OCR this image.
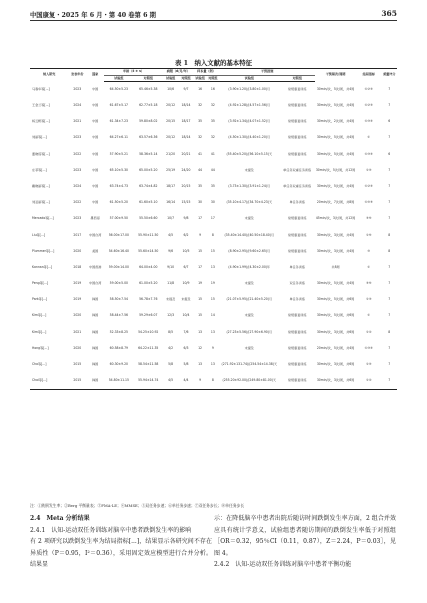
中国康复・2025 年 6 月・第 40 卷第 6 期	365
表 1　纳入文献的基本特征
纳入研究	发表年份	国家	年龄（x̄ ± s）		病程（d/月/年）		样本量（例）		干预措施		干预频次/周期	结局指标	质量评分
			试验组	对照组	试验组	对照组	试验组	对照组	试验组	对照组			
马春华等[...]	2023	中国	64.50±5.23	65.46±5.38	10/6	9/7	16	16	(3.90±1.20)/(3.80±1.00)月	常规康复训练	30min/次，5次/周，共4周	①②③	7
王金兰等[...]	2024	中国	61.67±5.17	62.77±5.18	20/12	18/14	32	32	(4.92±1.28)/(4.57±1.56)月	常规康复训练	30min/次，5次/周，共4周	①②③	7
杨云帆等[...]	2021	中国	61.34±7.23	59.80±8.02	20/15	18/17	35	35	(3.92±1.34)/(4.07±1.52)月	常规康复训练	30min/次，2次/周，共4周	①③④	6
刘丽等[...]	2023	中国	64.27±6.11	63.57±6.36	20/12	18/14	32	32	(4.50±1.30)/(4.40±1.20)月	常规康复训练	30min/次，5次/周，共4周	①	7
董晓琼等[...]	2022	中国	57.90±5.21	58.36±5.14	21/20	20/21	41	41	(55.40±5.20)/(56.10±5.15)天	常规康复训练	30min/次，5次/周，共4周	①③④	6
庄菲等[...]	2023	中国	65.10±5.30	65.00±5.20	25/19	24/20	44	44	未提及	单任务双重任务训练	30min/次，5次/周，共12周	①④	7
戴晓丽等[...]	2024	中国	63.74±4.73	63.74±4.82	18/17	20/15	35	35	(3.73±1.30)/(3.91±1.24)月	单任务双重任务训练	30min/次，5次/周，共4周	①②④	7
刘亚丽等[...]	2022	中国	61.50±5.20	61.60±5.10	16/14	15/15	30	30	(35.10±4.17)/(34.70±4.23)天	单任务训练	20min/次，7次/周，共8周	①④⑤	7
Mercado等[...]	2023	墨西哥	57.00±9.50	55.50±6.60	10/7	9/8	17	17	未提及	常规康复训练	45min/次，3次/周，共12周	③⑤	7
Liu等[...]	2017	中国台湾	56.00±17.00	55.90±11.50	4/5	6/2	9	8	(35.40±14.40)/(40.50±18.40)月	常规康复训练	30min/次，3次/周，共4周	①⑤	8
Plummer等[...]	2020	美国	54.60±16.40	55.60±14.50	9/6	10/5	15	15	(8.90±2.95)/(9.60±2.65)月	常规康复训练	30min/次，3次/周，共4周	④	8
Kannan等[...]	2018	中国香港	59.00±14.00	64.00±4.00	9/10	6/7	17	13	(4.90±1.99)/(4.30±2.00)年	单任务训练	共8周	①	7
Peng等[...]	2019	中国台湾	59.00±5.00	61.00±5.20	11/8	10/9	19	19	未提及	双任务训练	30min/次，5次/周，共4周	③⑤	7
Park等[...]	2019	韩国	58.50±7.54	56.78±7.76	未提及	未提及	15	15	(21.07±5.95)/(21.40±5.20)月	单任务训练	30min/次，5次/周，共6周	①③	7
Kim等[...]	2020	韩国	58.44±7.56	59.29±6.07	12/3	10/4	15	14	未提及	常规康复训练	30min/次，5次/周，共6周	①	7
Kim等[...]	2021	韩国	52.33±8.25	54.25±10.92	8/5	7/6	13	13	(27.23±5.56)/(27.90±6.90)月	常规康复训练	30min/次，3次/周，共6周	①②	8
Hong等[...]	2020	韩国	60.58±8.79	64.22±11.35	4/2	6/3	12	9	未提及	常规康复训练	20min/次，5次/周，共4周	①③④	7
Cho等[...]	2015	韩国	60.30±9.20	58.54±11.58	5/8	5/8	13	13	(271.92±131.74)/(254.54±14.38)天	常规康复训练	30min/次，3次/周，共6周	①④	7
Choi等[...]	2015	韩国	54.80±11.15	55.94±14.74	4/5	4/4	9	8	(255.20±92.00)/(249.80±81.00)天	常规康复训练	30min/次，3次/周，共6周	①②	7
注：①跌倒发生率；②Berg 平衡量表；③FMA-LE；④MMSE；⑤双任务步速；⑥单任务步速；⑦双任务步长；⑧单任务步长

2.4　Meta 分析结果

2.4.1　认知-运动双任务训练对脑卒中患者跌倒发生率的影响

有 2 项研究以跌倒发生率为结局指标[...]，结果显示各研究间不存在异质性（P＝0.95，I²＝0.36），采用固定效应模型进行合并分析。结果显

示：在降低脑卒中患者出院后随访时间跌倒发生率方面，2 组合并效应具有统计学意义，试验组患者随访期间的跌倒发生率低于对照组［OR＝0.32，95％CI（0.11，0.87），Z＝2.24，P＝0.03］，见图 4。

2.4.2　认知-运动双任务训练对脑卒中患者平衡功能
